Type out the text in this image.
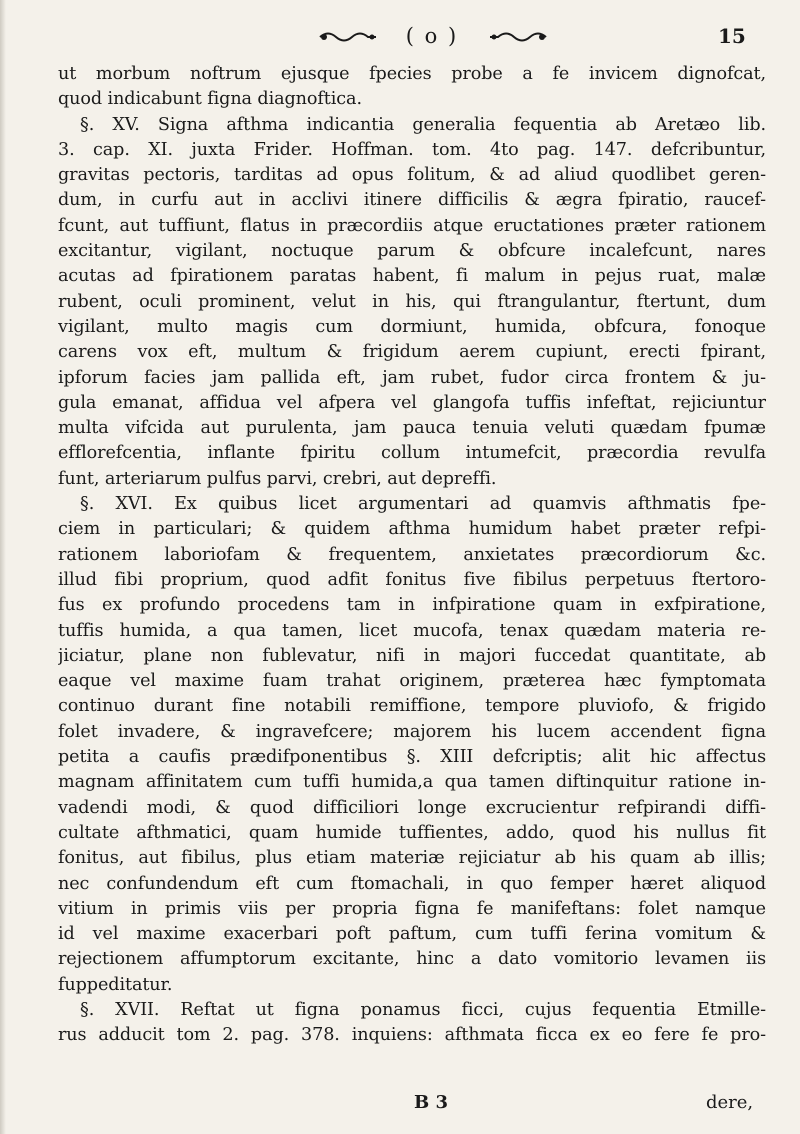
( o )	15
ut morbum noftrum ejusque fpecies probe a fe invicem dignofcat,
quod indicabunt figna diagnoftica.
§. XV. Signa afthma indicantia generalia fequentia ab Aretæo lib.
3. cap. XI. juxta Frider. Hoffman. tom. 4to pag. 147. defcribuntur,
gravitas pectoris, tarditas ad opus folitum, & ad aliud quodlibet geren-
dum, in curfu aut in acclivi itinere difficilis & ægra fpiratio, raucef-
fcunt, aut tuffiunt, flatus in præcordiis atque eructationes præter rationem
excitantur, vigilant, noctuque parum & obfcure incalefcunt, nares
acutas ad fpirationem paratas habent, fi malum in pejus ruat, malæ
rubent, oculi prominent, velut in his, qui ftrangulantur, ftertunt, dum
vigilant, multo magis cum dormiunt, humida, obfcura, fonoque
carens vox eft, multum & frigidum aerem cupiunt, erecti fpirant,
ipforum facies jam pallida eft, jam rubet, fudor circa frontem & ju-
gula emanat, affidua vel afpera vel glangofa tuffis infeftat, rejiciuntur
multa vifcida aut purulenta, jam pauca tenuia veluti quædam fpumæ
efflorefcentia, inflante fpiritu collum intumefcit, præcordia revulfa
funt, arteriarum pulfus parvi, crebri, aut depreffi.
§. XVI. Ex quibus licet argumentari ad quamvis afthmatis fpe-
ciem in particulari; & quidem afthma humidum habet præter refpi-
rationem laboriofam & frequentem, anxietates præcordiorum &c.
illud fibi proprium, quod adfit fonitus five fibilus perpetuus ftertoro-
fus ex profundo procedens tam in infpiratione quam in exfpiratione,
tuffis humida, a qua tamen, licet mucofa, tenax quædam materia re-
jiciatur, plane non fublevatur, nifi in majori fuccedat quantitate, ab
eaque vel maxime fuam trahat originem, præterea hæc fymptomata
continuo durant fine notabili remiffione, tempore pluviofo, & frigido
folet invadere, & ingravefcere; majorem his lucem accendent figna
petita a caufis prædifponentibus §. XIII defcriptis; alit hic affectus
magnam affinitatem cum tuffi humida,a qua tamen diftinquitur ratione in-
vadendi modi, & quod difficiliori longe excrucientur refpirandi diffi-
cultate afthmatici, quam humide tuffientes, addo, quod his nullus fit
fonitus, aut fibilus, plus etiam materiæ rejiciatur ab his quam ab illis;
nec confundendum eft cum ftomachali, in quo femper hæret aliquod
vitium in primis viis per propria figna fe manifeftans: folet namque
id vel maxime exacerbari poft paftum, cum tuffi ferina vomitum &
rejectionem affumptorum excitante, hinc a dato vomitorio levamen iis
fuppeditatur.
§. XVII. Reftat ut figna ponamus ficci, cujus fequentia Etmille-
rus adducit tom 2. pag. 378. inquiens: afthmata ficca ex eo fere fe pro-
B 3	dere,
